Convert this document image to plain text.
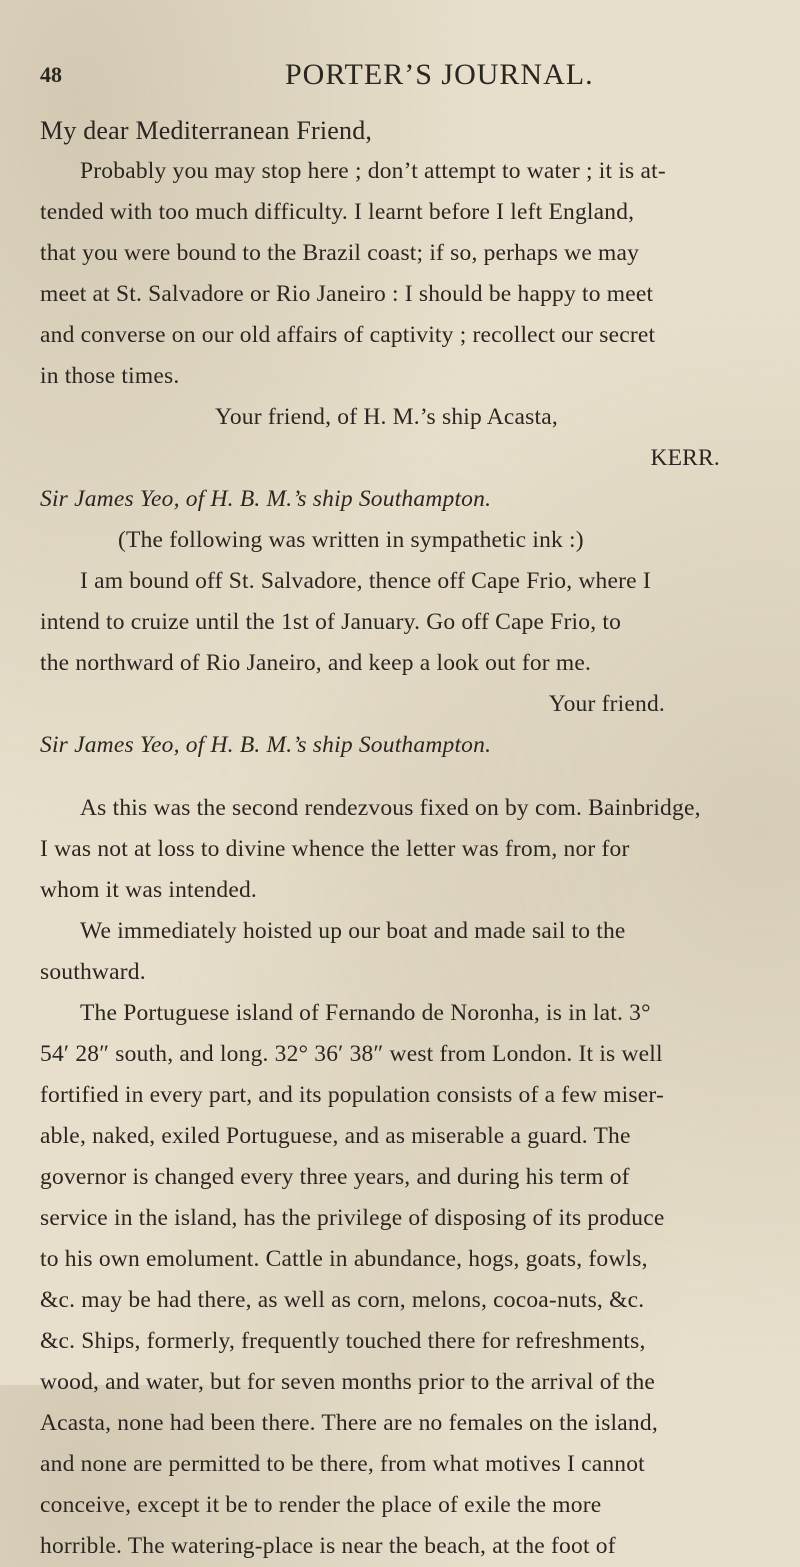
48	PORTER’S JOURNAL.
My dear Mediterranean Friend,
Probably you may stop here ; don’t attempt to water ; it is at-
tended with too much difficulty. I learnt before I left England,
that you were bound to the Brazil coast; if so, perhaps we may
meet at St. Salvadore or Rio Janeiro : I should be happy to meet
and converse on our old affairs of captivity ; recollect our secret
in those times.
Your friend, of H. M.’s ship Acasta,
KERR.
Sir James Yeo, of H. B. M.’s ship Southampton.
(The following was written in sympathetic ink :)
I am bound off St. Salvadore, thence off Cape Frio, where I
intend to cruize until the 1st of January. Go off Cape Frio, to
the northward of Rio Janeiro, and keep a look out for me.
Your friend.
Sir James Yeo, of H. B. M.’s ship Southampton.
As this was the second rendezvous fixed on by com. Bainbridge,
I was not at loss to divine whence the letter was from, nor for
whom it was intended.
We immediately hoisted up our boat and made sail to the
southward.
The Portuguese island of Fernando de Noronha, is in lat. 3°
54′ 28″ south, and long. 32° 36′ 38″ west from London. It is well
fortified in every part, and its population consists of a few miser-
able, naked, exiled Portuguese, and as miserable a guard. The
governor is changed every three years, and during his term of
service in the island, has the privilege of disposing of its produce
to his own emolument. Cattle in abundance, hogs, goats, fowls,
&c. may be had there, as well as corn, melons, cocoa-nuts, &c.
&c. Ships, formerly, frequently touched there for refreshments,
wood, and water, but for seven months prior to the arrival of the
Acasta, none had been there. There are no females on the island,
and none are permitted to be there, from what motives I cannot
conceive, except it be to render the place of exile the more
horrible. The watering-place is near the beach, at the foot of
